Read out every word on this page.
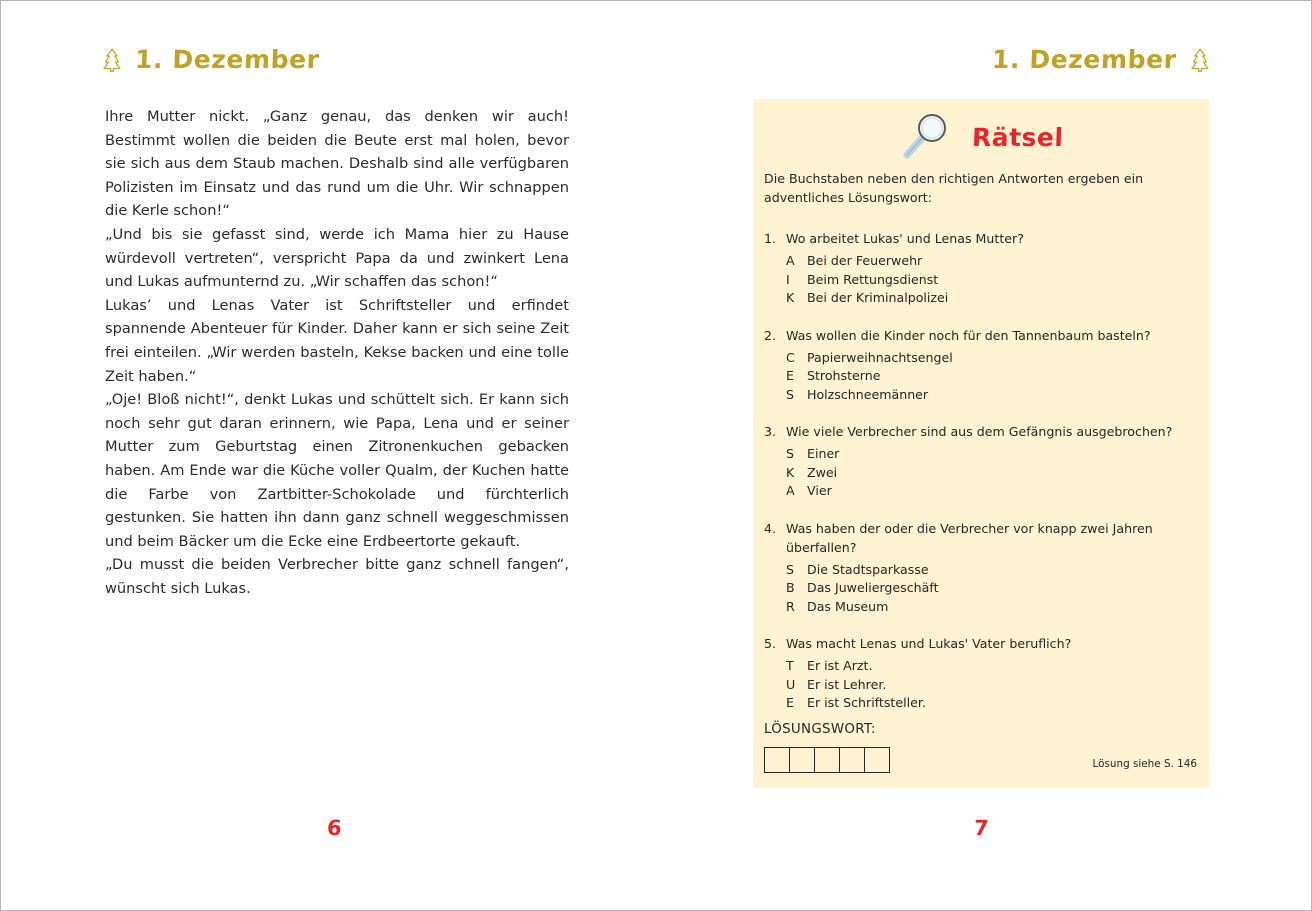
1. Dezember

Ihre Mutter nickt. „Ganz genau, das denken wir auch! Bestimmt wollen die beiden die Beute erst mal holen, bevor sie sich aus dem Staub machen. Deshalb sind alle verfügbaren Polizisten im Einsatz und das rund um die Uhr. Wir schnappen die Kerle schon!“

„Und bis sie gefasst sind, werde ich Mama hier zu Hause würdevoll vertreten“, verspricht Papa da und zwinkert Lena und Lukas aufmunternd zu. „Wir schaffen das schon!“

Lukas’ und Lenas Vater ist Schriftsteller und erfindet spannende Abenteuer für Kinder. Daher kann er sich seine Zeit frei einteilen. „Wir werden basteln, Kekse backen und eine tolle Zeit haben.“

„Oje! Bloß nicht!“, denkt Lukas und schüttelt sich. Er kann sich noch sehr gut daran erinnern, wie Papa, Lena und er seiner Mutter zum Geburtstag einen Zitronenkuchen gebacken haben. Am Ende war die Küche voller Qualm, der Kuchen hatte die Farbe von Zartbitter-Schokolade und fürchterlich gestunken. Sie hatten ihn dann ganz schnell weggeschmissen und beim Bäcker um die Ecke eine Erdbeertorte gekauft.

„Du musst die beiden Verbrecher bitte ganz schnell fangen“, wünscht sich Lukas.

6
1. Dezember
Rätsel

Die Buchstaben neben den richtigen Antworten ergeben ein adventliches Lösungswort:

1. Wo arbeitet Lukas' und Lenas Mutter?
A Bei der Feuerwehr
I	Beim Rettungsdienst
K	Bei der Kriminalpolizei
2. Was wollen die Kinder noch für den Tannenbaum basteln?
C Papierweihnachtsengel
E	Strohsterne
S	Holzschneemänner
3. Wie viele Verbrecher sind aus dem Gefängnis ausgebrochen?
S	Einer
K	Zwei
A Vier
4. Was haben der oder die Verbrecher vor knapp zwei Jahren überfallen?
S	Die Stadtsparkasse
B Das Juweliergeschäft
R Das Museum
5. Was macht Lenas und Lukas' Vater beruflich?
T	Er ist Arzt.
U Er ist Lehrer.
E	Er ist Schriftsteller.
LÖSUNGSWORT:
Lösung siehe S. 146
7
